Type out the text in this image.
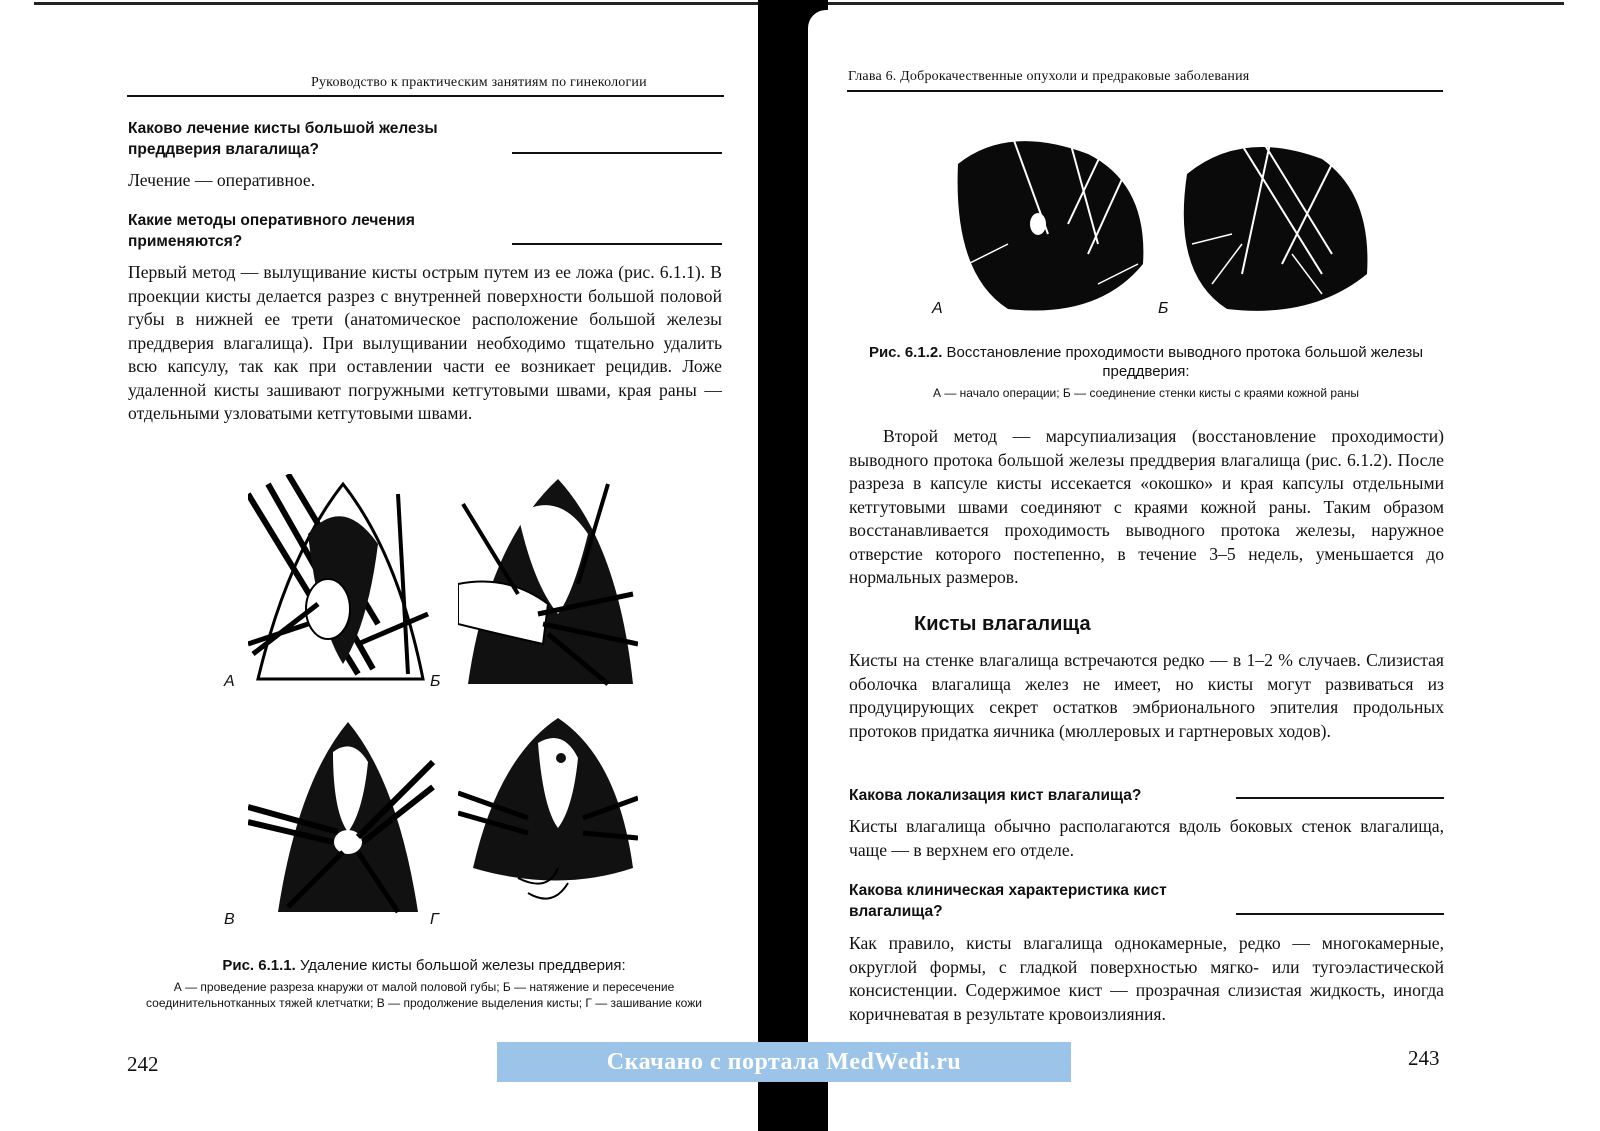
Руководство к практическим занятиям по гинекологии
Каково лечение кисты большой железы преддверия влагалища?
Лечение — оперативное.
Какие методы оперативного лечения применяются?
Первый метод — вылущивание кисты острым путем из ее ложа (рис. 6.1.1). В проекции кисты делается разрез с внутренней поверхности большой половой губы в нижней ее трети (анатомическое расположение большой железы преддверия влагалища). При вылущивании необходимо тщательно удалить всю капсулу, так как при оставлении части ее возникает рецидив. Ложе удаленной кисты зашивают погружными кетгутовыми швами, края раны — отдельными узловатыми кетгутовыми швами.
А	Б
В	Г
Рис. 6.1.1. Удаление кисты большой железы преддверия:
А — проведение разреза кнаружи от малой половой губы; Б — натяжение и пересечение соединительнотканных тяжей клетчатки; В — продолжение выделения кисты; Г — зашивание кожи
242
Глава 6. Доброкачественные опухоли и предраковые заболевания
А	Б
Рис. 6.1.2. Восстановление проходимости выводного протока большой железы преддверия:
А — начало операции; Б — соединение стенки кисты с краями кожной раны
Второй метод — марсупиализация (восстановление проходимости) выводного протока большой железы преддверия влагалища (рис. 6.1.2). После разреза в капсуле кисты иссекается «окошко» и края капсулы отдельными кетгутовыми швами соединяют с краями кожной раны. Таким образом восстанавливается проходимость выводного протока железы, наружное отверстие которого постепенно, в течение 3–5 недель, уменьшается до нормальных размеров.
Кисты влагалища
Кисты на стенке влагалища встречаются редко — в 1–2 % случаев. Слизистая оболочка влагалища желез не имеет, но кисты могут развиваться из продуцирующих секрет остатков эмбрионального эпителия продольных протоков придатка яичника (мюллеровых и гартнеровых ходов).
Какова локализация кист влагалища?
Кисты влагалища обычно располагаются вдоль боковых стенок влагалища, чаще — в верхнем его отделе.
Какова клиническая характеристика кист влагалища?
Как правило, кисты влагалища однокамерные, редко — многокамерные, округлой формы, с гладкой поверхностью мягко- или тугоэластической консистенции. Содержимое кист — прозрачная слизистая жидкость, иногда коричневатая в результате кровоизлияния.
243
Скачано с портала MedWedi.ru
